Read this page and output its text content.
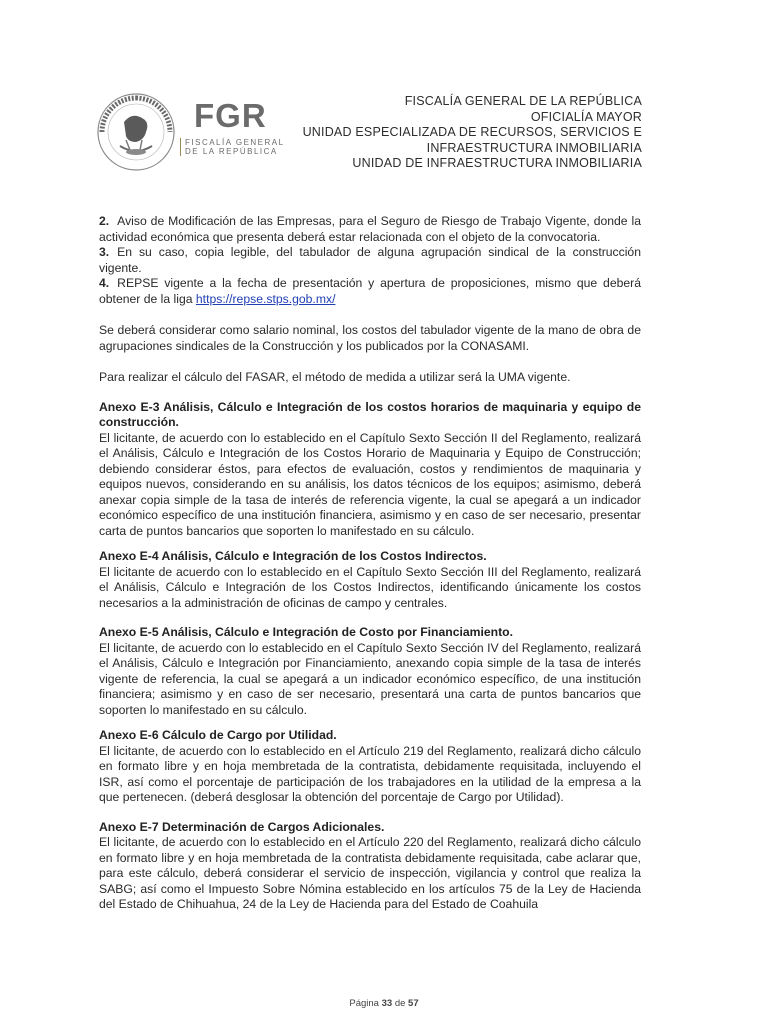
FGR
FISCALÍA GENERAL
DE LA REPÚBLICA
FISCALÍA GENERAL DE LA REPÚBLICA
OFICIALÍA MAYOR
UNIDAD ESPECIALIZADA DE RECURSOS, SERVICIOS E
INFRAESTRUCTURA INMOBILIARIA
UNIDAD DE INFRAESTRUCTURA INMOBILIARIA

2. Aviso de Modificación de las Empresas, para el Seguro de Riesgo de Trabajo Vigente, donde la actividad económica que presenta deberá estar relacionada con el objeto de la convocatoria.

3. En su caso, copia legible, del tabulador de alguna agrupación sindical de la construcción vigente.

4. REPSE vigente a la fecha de presentación y apertura de proposiciones, mismo que deberá obtener de la liga https://repse.stps.gob.mx/

Se deberá considerar como salario nominal, los costos del tabulador vigente de la mano de obra de agrupaciones sindicales de la Construcción y los publicados por la CONASAMI.

Para realizar el cálculo del FASAR, el método de medida a utilizar será la UMA vigente.

Anexo E-3 Análisis, Cálculo e Integración de los costos horarios de maquinaria y equipo de construcción.

El licitante, de acuerdo con lo establecido en el Capítulo Sexto Sección II del Reglamento, realizará el Análisis, Cálculo e Integración de los Costos Horario de Maquinaria y Equipo de Construcción; debiendo considerar éstos, para efectos de evaluación, costos y rendimientos de maquinaria y equipos nuevos, considerando en su análisis, los datos técnicos de los equipos; asimismo, deberá anexar copia simple de la tasa de interés de referencia vigente, la cual se apegará a un indicador económico específico de una institución financiera, asimismo y en caso de ser necesario, presentar carta de puntos bancarios que soporten lo manifestado en su cálculo.

Anexo E-4 Análisis, Cálculo e Integración de los Costos Indirectos.

El licitante de acuerdo con lo establecido en el Capítulo Sexto Sección III del Reglamento, realizará el Análisis, Cálculo e Integración de los Costos Indirectos, identificando únicamente los costos necesarios a la administración de oficinas de campo y centrales.

Anexo E-5 Análisis, Cálculo e Integración de Costo por Financiamiento.

El licitante, de acuerdo con lo establecido en el Capítulo Sexto Sección IV del Reglamento, realizará el Análisis, Cálculo e Integración por Financiamiento, anexando copia simple de la tasa de interés vigente de referencia, la cual se apegará a un indicador económico específico, de una institución financiera; asimismo y en caso de ser necesario, presentará una carta de puntos bancarios que soporten lo manifestado en su cálculo.

Anexo E-6 Cálculo de Cargo por Utilidad.

El licitante, de acuerdo con lo establecido en el Artículo 219 del Reglamento, realizará dicho cálculo en formato libre y en hoja membretada de la contratista, debidamente requisitada, incluyendo el ISR, así como el porcentaje de participación de los trabajadores en la utilidad de la empresa a la que pertenecen. (deberá desglosar la obtención del porcentaje de Cargo por Utilidad).

Anexo E-7 Determinación de Cargos Adicionales.

El licitante, de acuerdo con lo establecido en el Artículo 220 del Reglamento, realizará dicho cálculo en formato libre y en hoja membretada de la contratista debidamente requisitada, cabe aclarar que, para este cálculo, deberá considerar el servicio de inspección, vigilancia y control que realiza la SABG; así como el Impuesto Sobre Nómina establecido en los artículos 75 de la Ley de Hacienda del Estado de Chihuahua, 24 de la Ley de Hacienda para del Estado de Coahuila

Página 33 de 57
